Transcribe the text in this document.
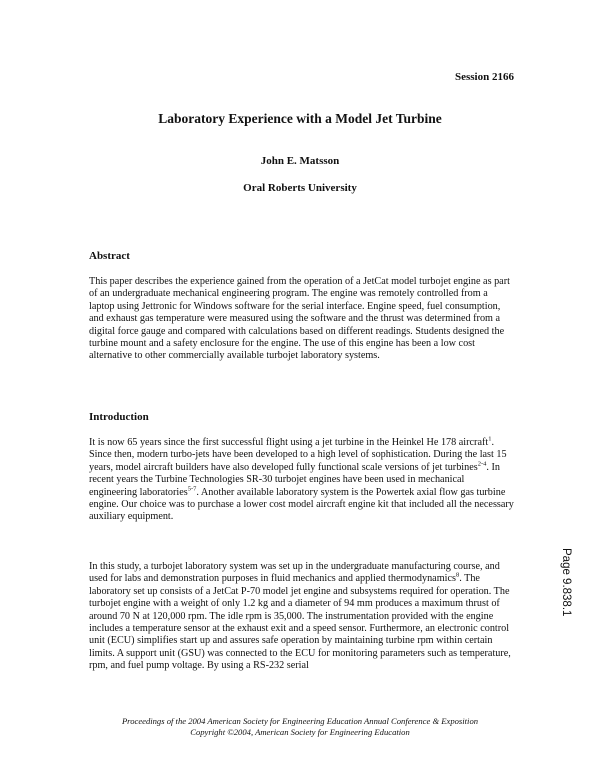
Session 2166
Laboratory Experience with a Model Jet Turbine
John E. Matsson
Oral Roberts University
Abstract
This paper describes the experience gained from the operation of a JetCat model turbojet engine as part of an undergraduate mechanical engineering program. The engine was remotely controlled from a laptop using Jettronic for Windows software for the serial interface. Engine speed, fuel consumption, and exhaust gas temperature were measured using the software and the thrust was determined from a digital force gauge and compared with calculations based on different readings. Students designed the turbine mount and a safety enclosure for the engine. The use of this engine has been a low cost alternative to other commercially available turbojet laboratory systems.
Introduction
It is now 65 years since the first successful flight using a jet turbine in the Heinkel He 178 aircraft$^1$. Since then, modern turbo-jets have been developed to a high level of sophistication. During the last 15 years, model aircraft builders have also developed fully functional scale versions of jet turbines$^{2-4}$. In recent years the Turbine Technologies SR-30 turbojet engines have been used in mechanical engineering laboratories$^{5-7}$. Another available laboratory system is the Powertek axial flow gas turbine engine. Our choice was to purchase a lower cost model aircraft engine kit that included all the necessary auxiliary equipment.
In this study, a turbojet laboratory system was set up in the undergraduate manufacturing course, and used for labs and demonstration purposes in fluid mechanics and applied thermodynamics$^8$. The laboratory set up consists of a JetCat P-70 model jet engine and subsystems required for operation. The turbojet engine with a weight of only 1.2 kg and a diameter of 94 mm produces a maximum thrust of around 70 N at 120,000 rpm. The idle rpm is 35,000. The instrumentation provided with the engine includes a temperature sensor at the exhaust exit and a speed sensor. Furthermore, an electronic control unit (ECU) simplifies start up and assures safe operation by maintaining turbine rpm within certain limits. A support unit (GSU) was connected to the ECU for monitoring parameters such as temperature, rpm, and fuel pump voltage. By using a RS-232 serial
Proceedings of the 2004 American Society for Engineering Education Annual Conference & Exposition
Copyright ©2004, American Society for Engineering Education
Page 9.838.1
